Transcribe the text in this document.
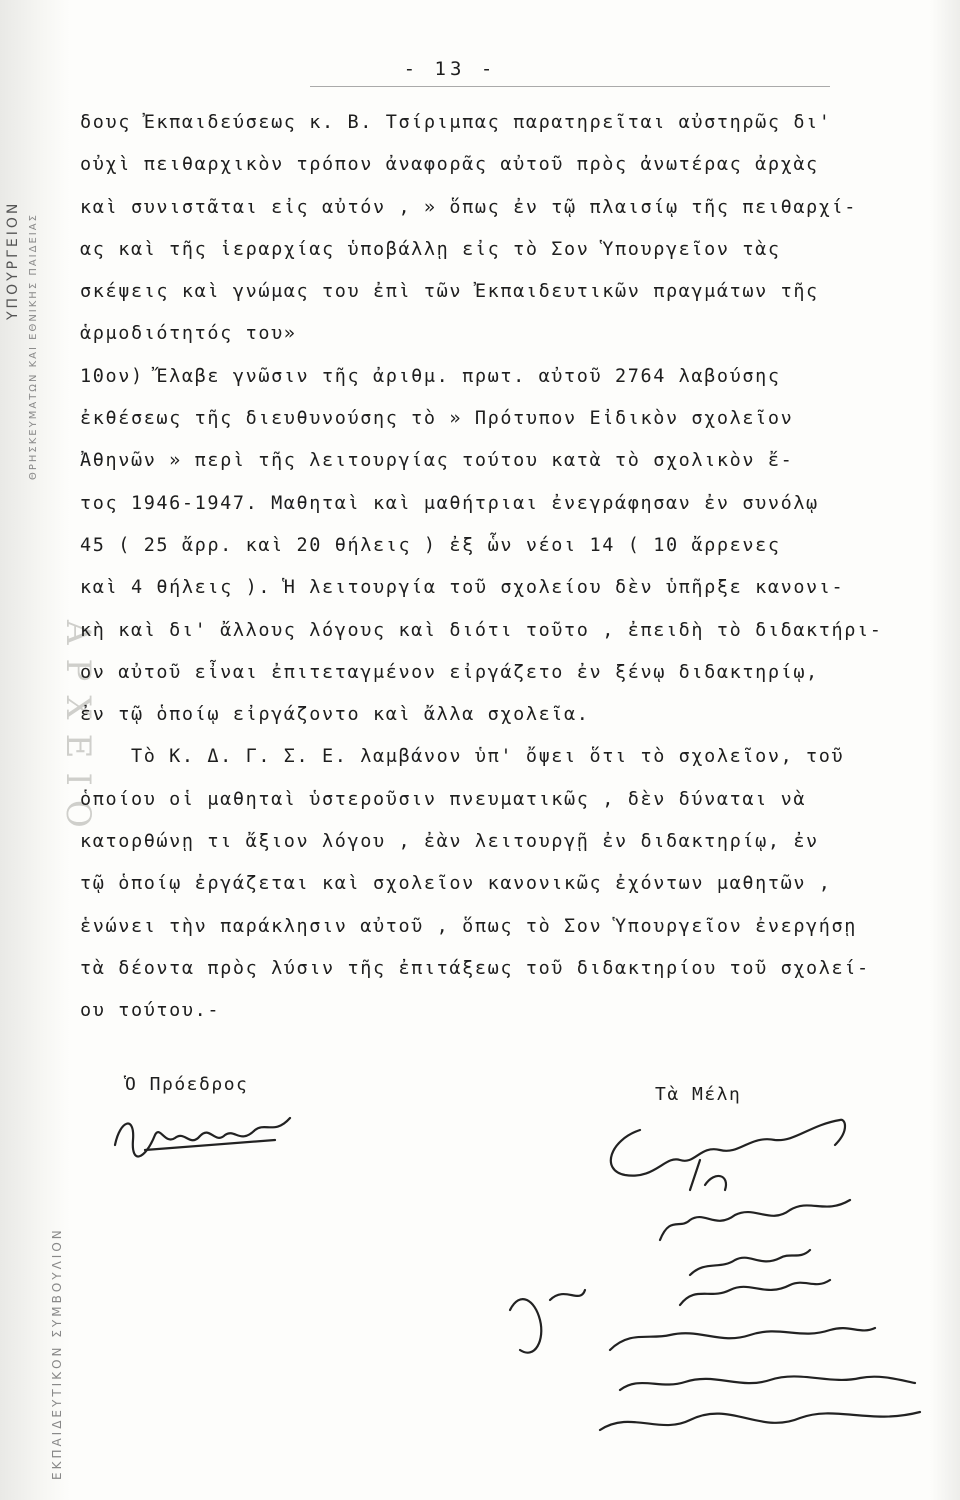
ΥΠΟΥΡΓΕΙΟΝ ΘΡΗΣΚΕΥΜΑΤΩΝ ΚΑΙ ΕΘΝΙΚΗΣ ΠΑΙΔΕΙΑΣ
ΕΚΠΑΙΔΕΥΤΙΚΟΝ ΣΥΜΒΟΥΛΙΟΝ
ΑΡΧΕΙΟ
- 13 -
δους Ἐκπαιδεύσεως κ. Β. Τσίριμπας παρατηρεῖται αὐστηρῶς δι'
οὐχὶ πειθαρχικὸν τρόπον ἀναφορᾶς αὐτοῦ πρὸς ἀνωτέρας ἀρχὰς
καὶ συνιστᾶται εἰς αὐτόν , » ὅπως ἐν τῷ πλαισίῳ τῆς πειθαρχί-
ας καὶ τῆς ἱεραρχίας ὑποβάλλῃ εἰς τὸ Σον Ὑπουργεῖον τὰς
σκέψεις καὶ γνώμας του ἐπὶ τῶν Ἐκπαιδευτικῶν πραγμάτων τῆς
ἁρμοδιότητός του»
10ον) Ἔλαβε γνῶσιν τῆς ἀριθμ. πρωτ. αὐτοῦ 2764 λαβούσης
ἐκθέσεως τῆς διευθυνούσης τὸ » Πρότυπον Εἰδικὸν σχολεῖον
Ἀθηνῶν » περὶ τῆς λειτουργίας τούτου κατὰ τὸ σχολικὸν ἔ-
τος 1946-1947. Μαθηταὶ καὶ μαθήτριαι ἐνεγράφησαν ἐν συνόλῳ
45 ( 25 ἄρρ. καὶ 20 θήλεις ) ἐξ ὧν νέοι 14 ( 10 ἄρρενες
καὶ 4 θήλεις ). Ἡ λειτουργία τοῦ σχολείου δὲν ὑπῆρξε κανονι-
κὴ καὶ δι' ἄλλους λόγους καὶ διότι τοῦτο , ἐπειδὴ τὸ διδακτήρι-
ον αὐτοῦ εἶναι ἐπιτεταγμένον εἰργάζετο ἐν ξένῳ διδακτηρίῳ,
ἐν τῷ ὁποίῳ εἰργάζοντο καὶ ἄλλα σχολεῖα.
Τὸ Κ. Δ. Γ. Σ. Ε. λαμβάνον ὑπ' ὄψει ὅτι τὸ σχολεῖον, τοῦ
ὁποίου οἱ μαθηταὶ ὑστεροῦσιν πνευματικῶς , δὲν δύναται νὰ
κατορθώνῃ τι ἄξιον λόγου , ἐὰν λειτουργῇ ἐν διδακτηρίῳ, ἐν
τῷ ὁποίῳ ἐργάζεται καὶ σχολεῖον κανονικῶς ἐχόντων μαθητῶν ,
ἑνώνει τὴν παράκλησιν αὐτοῦ , ὅπως τὸ Σον Ὑπουργεῖον ἐνεργήσῃ
τὰ δέοντα πρὸς λύσιν τῆς ἐπιτάξεως τοῦ διδακτηρίου τοῦ σχολεί-
ου τούτου.-
Ὁ Πρόεδρος	Τὰ Μέλη
